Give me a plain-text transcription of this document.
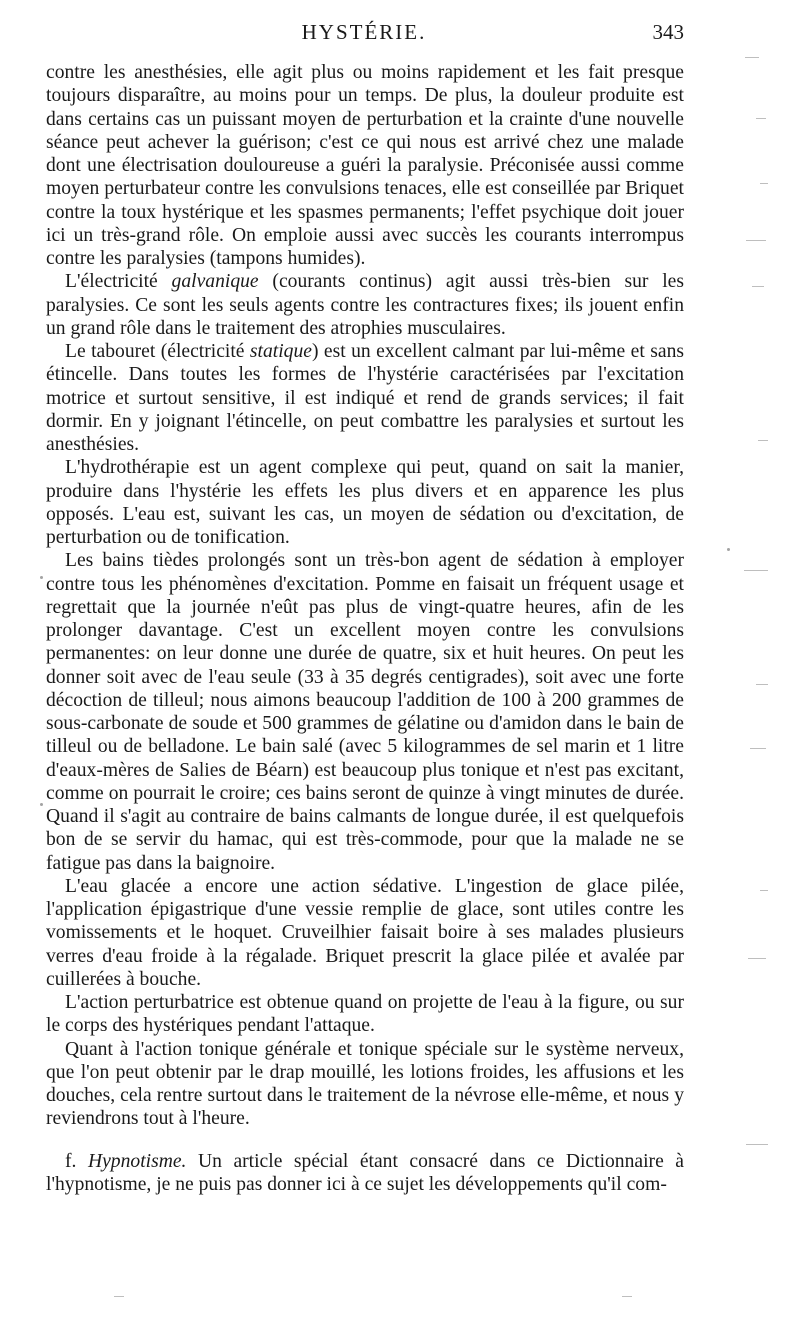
HYSTÉRIE.	343

contre les anesthésies, elle agit plus ou moins rapidement et les fait presque toujours disparaître, au moins pour un temps. De plus, la douleur produite est dans certains cas un puissant moyen de perturbation et la crainte d'une nouvelle séance peut achever la guérison; c'est ce qui nous est arrivé chez une malade dont une électrisation douloureuse a guéri la paralysie. Préconisée aussi comme moyen perturbateur contre les convulsions tenaces, elle est conseillée par Briquet contre la toux hystérique et les spasmes permanents; l'effet psychique doit jouer ici un très-grand rôle. On emploie aussi avec succès les courants interrompus contre les paralysies (tampons humides).

L'électricité galvanique (courants continus) agit aussi très-bien sur les paralysies. Ce sont les seuls agents contre les contractures fixes; ils jouent enfin un grand rôle dans le traitement des atrophies musculaires.

Le tabouret (électricité statique) est un excellent calmant par lui-même et sans étincelle. Dans toutes les formes de l'hystérie caractérisées par l'excitation motrice et surtout sensitive, il est indiqué et rend de grands services; il fait dormir. En y joignant l'étincelle, on peut combattre les paralysies et surtout les anesthésies.

L'hydrothérapie est un agent complexe qui peut, quand on sait la manier, produire dans l'hystérie les effets les plus divers et en apparence les plus opposés. L'eau est, suivant les cas, un moyen de sédation ou d'excitation, de perturbation ou de tonification.

Les bains tièdes prolongés sont un très-bon agent de sédation à employer contre tous les phénomènes d'excitation. Pomme en faisait un fréquent usage et regrettait que la journée n'eût pas plus de vingt-quatre heures, afin de les prolonger davantage. C'est un excellent moyen contre les convulsions permanentes: on leur donne une durée de quatre, six et huit heures. On peut les donner soit avec de l'eau seule (33 à 35 degrés centigrades), soit avec une forte décoction de tilleul; nous aimons beaucoup l'addition de 100 à 200 grammes de sous-carbonate de soude et 500 grammes de gélatine ou d'amidon dans le bain de tilleul ou de belladone. Le bain salé (avec 5 kilogrammes de sel marin et 1 litre d'eaux-mères de Salies de Béarn) est beaucoup plus tonique et n'est pas excitant, comme on pourrait le croire; ces bains seront de quinze à vingt minutes de durée. Quand il s'agit au contraire de bains calmants de longue durée, il est quelquefois bon de se servir du hamac, qui est très-commode, pour que la malade ne se fatigue pas dans la baignoire.

L'eau glacée a encore une action sédative. L'ingestion de glace pilée, l'application épigastrique d'une vessie remplie de glace, sont utiles contre les vomissements et le hoquet. Cruveilhier faisait boire à ses malades plusieurs verres d'eau froide à la régalade. Briquet prescrit la glace pilée et avalée par cuillerées à bouche.

L'action perturbatrice est obtenue quand on projette de l'eau à la figure, ou sur le corps des hystériques pendant l'attaque.

Quant à l'action tonique générale et tonique spéciale sur le système nerveux, que l'on peut obtenir par le drap mouillé, les lotions froides, les affusions et les douches, cela rentre surtout dans le traitement de la névrose elle-même, et nous y reviendrons tout à l'heure.

f. Hypnotisme. Un article spécial étant consacré dans ce Dictionnaire à l'hypnotisme, je ne puis pas donner ici à ce sujet les développements qu'il com-
